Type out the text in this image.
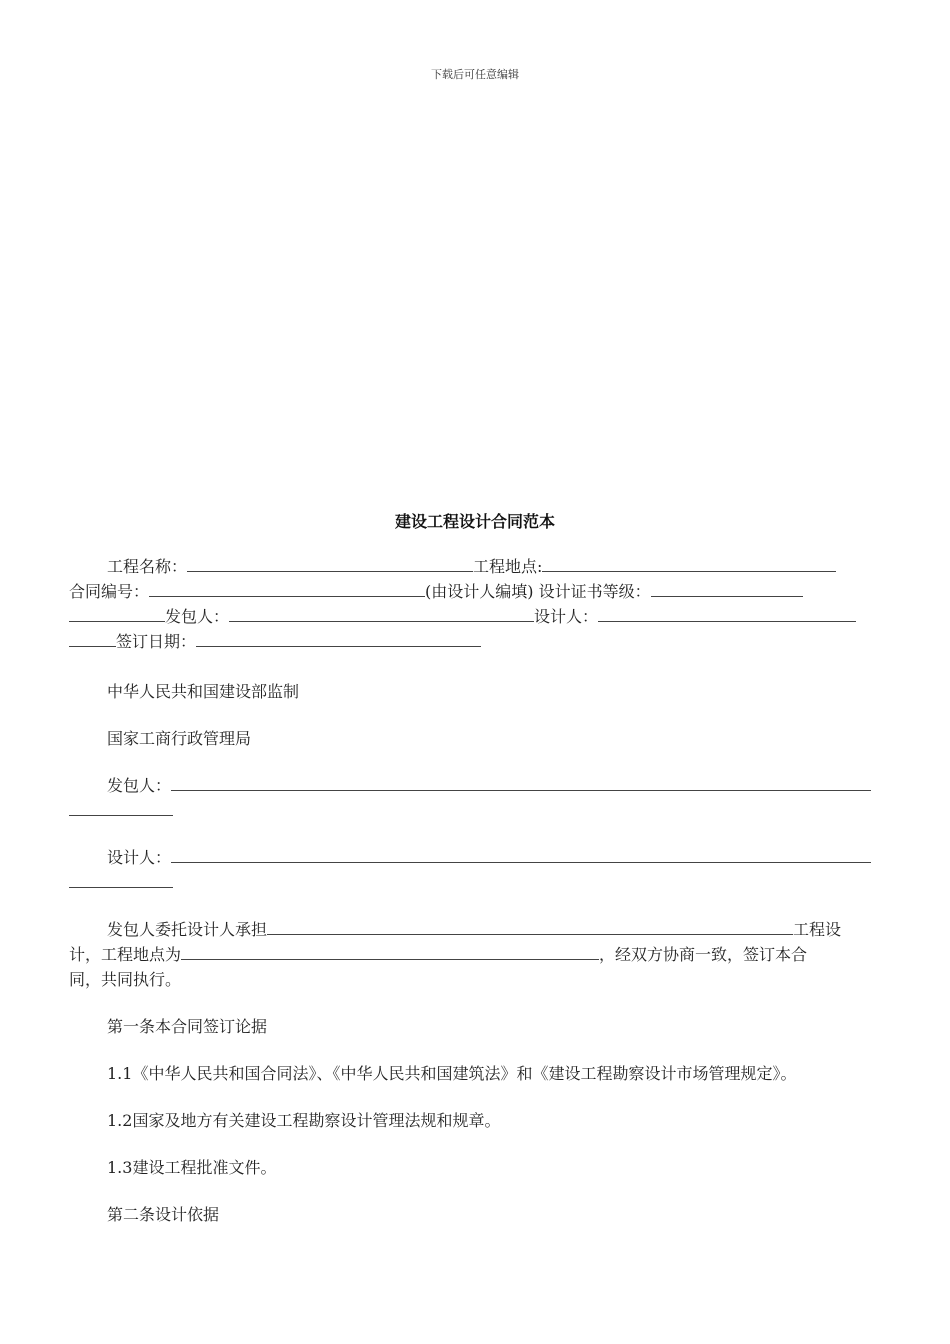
下载后可任意编辑
建设工程设计合同范本
工程名称：	工程地点:
合同编号：	(由设计人编填) 设计证书等级：
发包人：	设计人：
签订日期：
中华人民共和国建设部监制
国家工商行政管理局
发包人：
设计人：
发包人委托设计人承担	工程设
计，工程地点为	，经双方协商一致，签订本合
同，共同执行。
第一条本合同签订论据

1.1《中华人民共和国合同法》、《中华人民共和国建筑法》和《建设工程勘察设计市场管理规定》。

1.2国家及地方有关建设工程勘察设计管理法规和规章。
1.3建设工程批准文件。
第二条设计依据
